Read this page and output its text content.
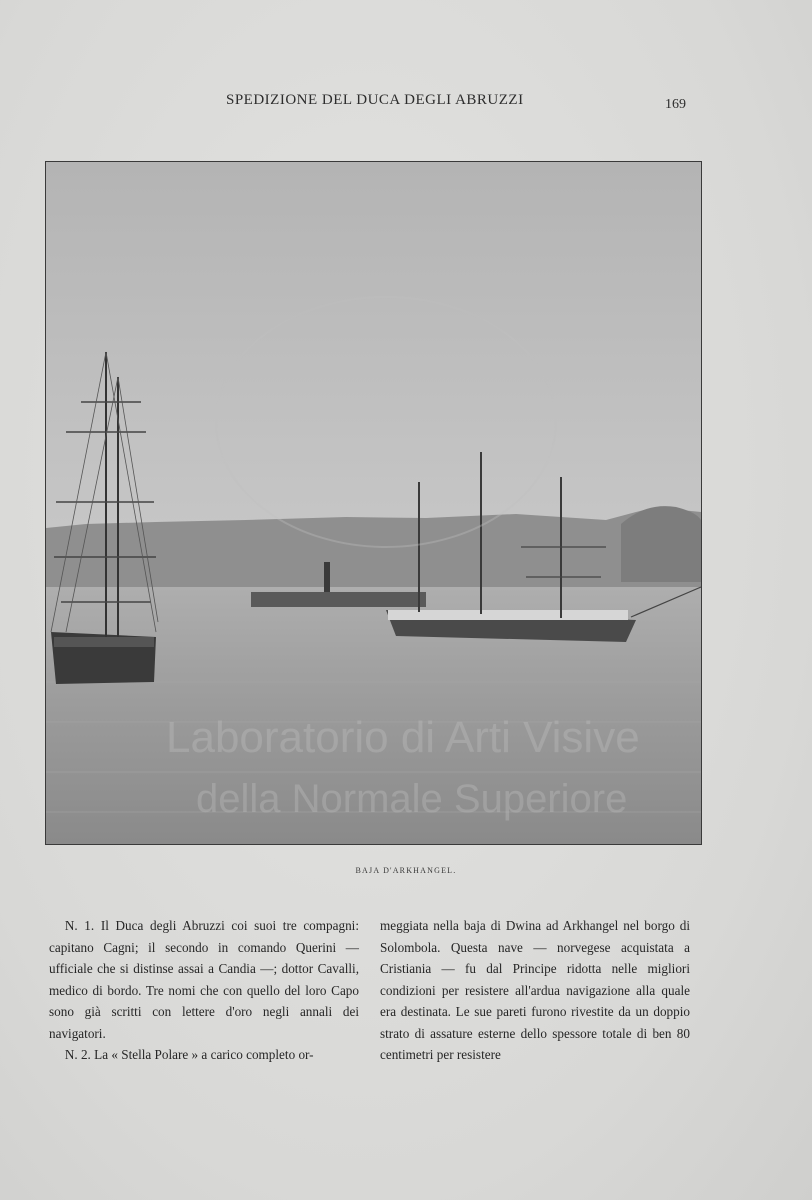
SPEDIZIONE DEL DUCA DEGLI ABRUZZI	169
Laboratorio di Arti Visive
della Normale Superiore
BAJA D'ARKHANGEL.

N. 1. Il Duca degli Abruzzi coi suoi tre compagni: capitano Cagni; il secondo in comando Querini — ufficiale che si distinse assai a Candia —; dottor Cavalli, medico di bordo. Tre nomi che con quello del loro Capo sono già scritti con lettere d'oro negli annali dei navigatori.

N. 2. La « Stella Polare » a carico completo or-

meggiata nella baja di Dwina ad Arkhangel nel borgo di Solombola. Questa nave — norvegese acquistata a Cristiania — fu dal Principe ridotta nelle migliori condizioni per resistere all'ardua navigazione alla quale era destinata. Le sue pareti furono rivestite da un doppio strato di assature esterne dello spessore totale di ben 80 centimetri per resistere
